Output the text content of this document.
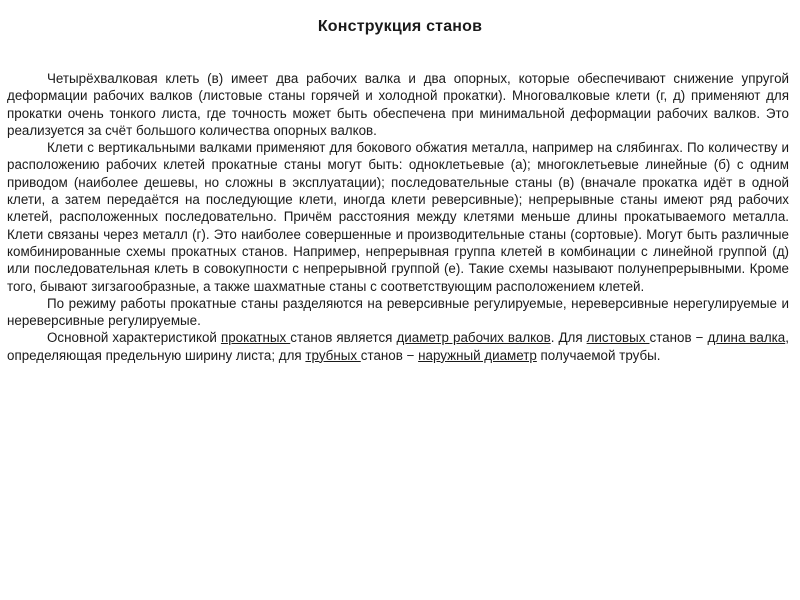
Конструкция станов

Четырёхвалковая клеть (в) имеет два рабочих валка и два опорных, которые обеспечивают снижение упругой деформации рабочих валков (листовые станы горячей и холодной прокатки). Многовалковые клети (г, д) применяют для прокатки очень тонкого листа, где точность может быть обеспечена при минимальной деформации рабочих валков. Это реализуется за счёт большого количества опорных валков.

Клети с вертикальными валками применяют для бокового обжатия металла, например на слябингах. По количеству и расположению рабочих клетей прокатные станы могут быть: одноклетьевые (а); многоклетьевые линейные (б) с одним приводом (наиболее дешевы, но сложны в эксплуатации); последовательные станы (в) (вначале прокатка идёт в одной клети, а затем передаётся на последующие клети, иногда клети реверсивные); непрерывные станы имеют ряд рабочих клетей, расположенных последовательно. Причём расстояния между клетями меньше длины прокатываемого металла. Клети связаны через металл (г). Это наиболее совершенные и производительные станы (сортовые). Могут быть различные комбинированные схемы прокатных станов. Например, непрерывная группа клетей в комбинации с линейной группой (д) или последовательная клеть в совокупности с непрерывной группой (е). Такие схемы называют полунепрерывными. Кроме того, бывают зигзагообразные, а также шахматные станы с соответствующим расположением клетей.

По режиму работы прокатные станы разделяются на реверсивные регулируемые, нереверсивные нерегулируемые и нереверсивные регулируемые.

Основной характеристикой прокатных станов является диаметр рабочих валков. Для листовых станов − длина валка, определяющая предельную ширину листа; для трубных станов − наружный диаметр получаемой трубы.
